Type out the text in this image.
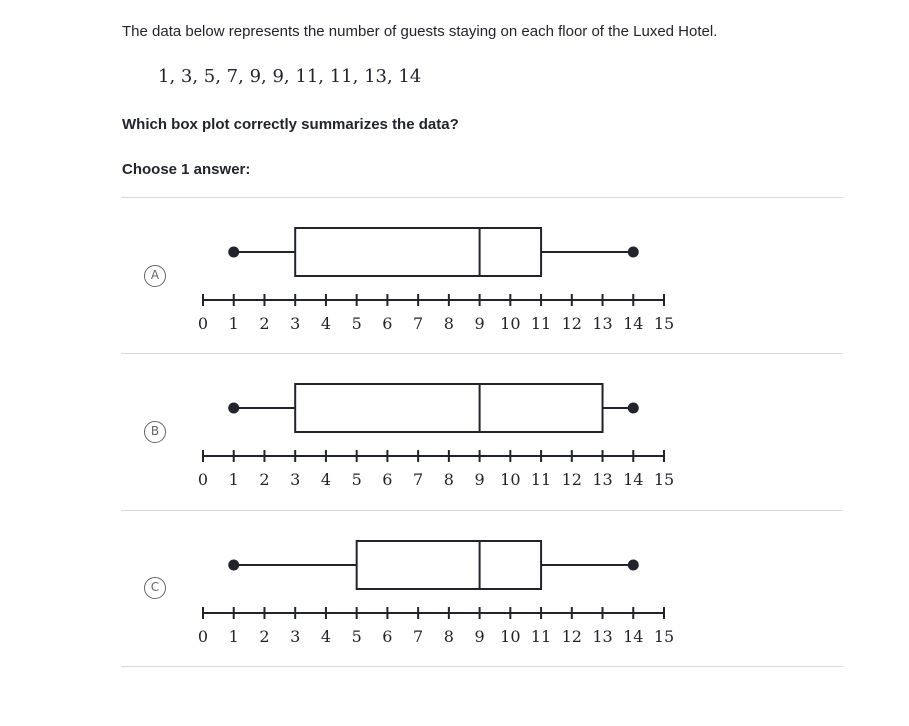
The data below represents the number of guests staying on each floor of the Luxed Hotel.
1, 3, 5, 7, 9, 9, 11, 11, 13, 14
Which box plot correctly summarizes the data?
Choose 1 answer:
A
0 1 2 3 4 5 6 7 8 9 10 11 12 13 14 15
B
0 1 2 3 4 5 6 7 8 9 10 11 12 13 14 15
C
0 1 2 3 4 5 6 7 8 9 10 11 12 13 14 15
